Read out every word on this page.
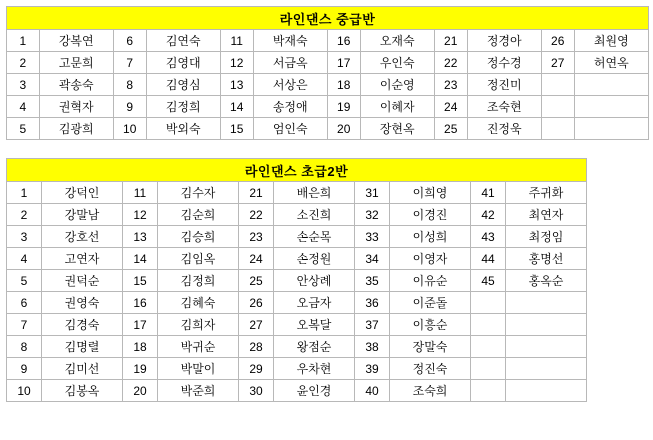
라인댄스 중급반											
1	강복연	6	김연숙	11	박재숙	16	오재숙	21	정경아	26	최원영
2	고문희	7	김영대	12	서금옥	17	우인숙	22	정수경	27	허연옥
3	곽송숙	8	김영심	13	서상은	18	이순영	23	정진미		
4	권혁자	9	김정희	14	송정애	19	이혜자	24	조숙현		
5	김광희	10	박외숙	15	엄인숙	20	장현옥	25	진정욱		
라인댄스 초급2반									
1	강덕인	11	김수자	21	배은희	31	이희영	41	주귀화
2	강말남	12	김순희	22	소진희	32	이경진	42	최연자
3	강호선	13	김승희	23	손순목	33	이성희	43	최정임
4	고연자	14	김임옥	24	손정원	34	이영자	44	홍명선
5	권덕순	15	김정희	25	안상례	35	이유순	45	홍옥순
6	권영숙	16	김혜숙	26	오금자	36	이준돌		
7	김경숙	17	김희자	27	오복달	37	이흥순		
8	김명렬	18	박귀순	28	왕점순	38	장말숙		
9	김미선	19	박말이	29	우차현	39	정진숙		
10	김봉옥	20	박준희	30	윤인경	40	조숙희		
